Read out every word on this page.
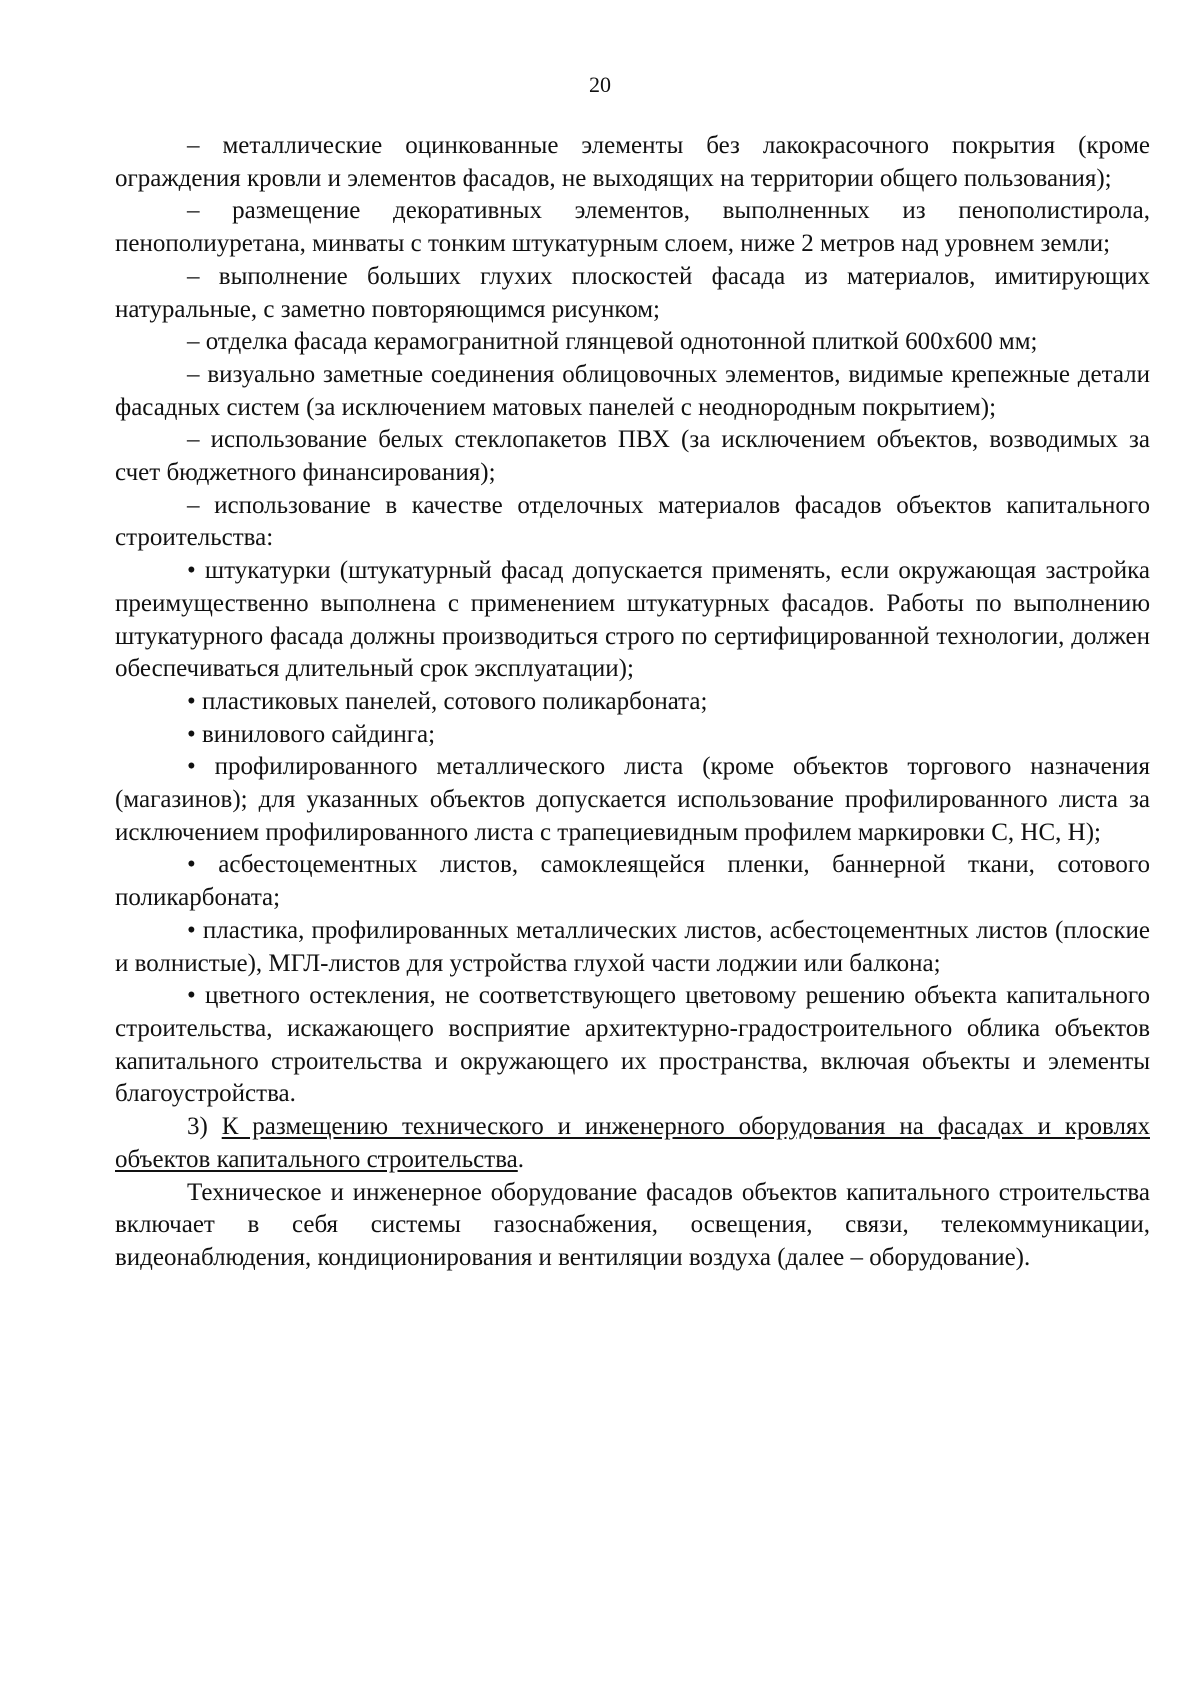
20

– металлические оцинкованные элементы без лакокрасочного покрытия (кроме ограждения кровли и элементов фасадов, не выходящих на территории общего пользования);

– размещение декоративных элементов, выполненных из пенополистирола, пенополиуретана, минваты с тонким штукатурным слоем, ниже 2 метров над уровнем земли;

– выполнение больших глухих плоскостей фасада из материалов, имитирующих натуральные, с заметно повторяющимся рисунком;

– отделка фасада керамогранитной глянцевой однотонной плиткой 600х600 мм;

– визуально заметные соединения облицовочных элементов, видимые крепежные детали фасадных систем (за исключением матовых панелей с неоднородным покрытием);

– использование белых стеклопакетов ПВХ (за исключением объектов, возводимых за счет бюджетного финансирования);

– использование в качестве отделочных материалов фасадов объектов капитального строительства:

• штукатурки (штукатурный фасад допускается применять, если окружающая застройка преимущественно выполнена с применением штукатурных фасадов. Работы по выполнению штукатурного фасада должны производиться строго по сертифицированной технологии, должен обеспечиваться длительный срок эксплуатации);

• пластиковых панелей, сотового поликарбоната;

• винилового сайдинга;

• профилированного металлического листа (кроме объектов торгового назначения (магазинов); для указанных объектов допускается использование профилированного листа за исключением профилированного листа с трапециевидным профилем маркировки С, НС, Н);

• асбестоцементных листов, самоклеящейся пленки, баннерной ткани, сотового поликарбоната;

• пластика, профилированных металлических листов, асбестоцементных листов (плоские и волнистые), МГЛ-листов для устройства глухой части лоджии или балкона;

• цветного остекления, не соответствующего цветовому решению объекта капитального строительства, искажающего восприятие архитектурно-градостроительного облика объектов капитального строительства и окружающего их пространства, включая объекты и элементы благоустройства.

3) К размещению технического и инженерного оборудования на фасадах и кровлях объектов капитального строительства.

Техническое и инженерное оборудование фасадов объектов капитального строительства включает в себя системы газоснабжения, освещения, связи, телекоммуникации, видеонаблюдения, кондиционирования и вентиляции воздуха (далее – оборудование).
